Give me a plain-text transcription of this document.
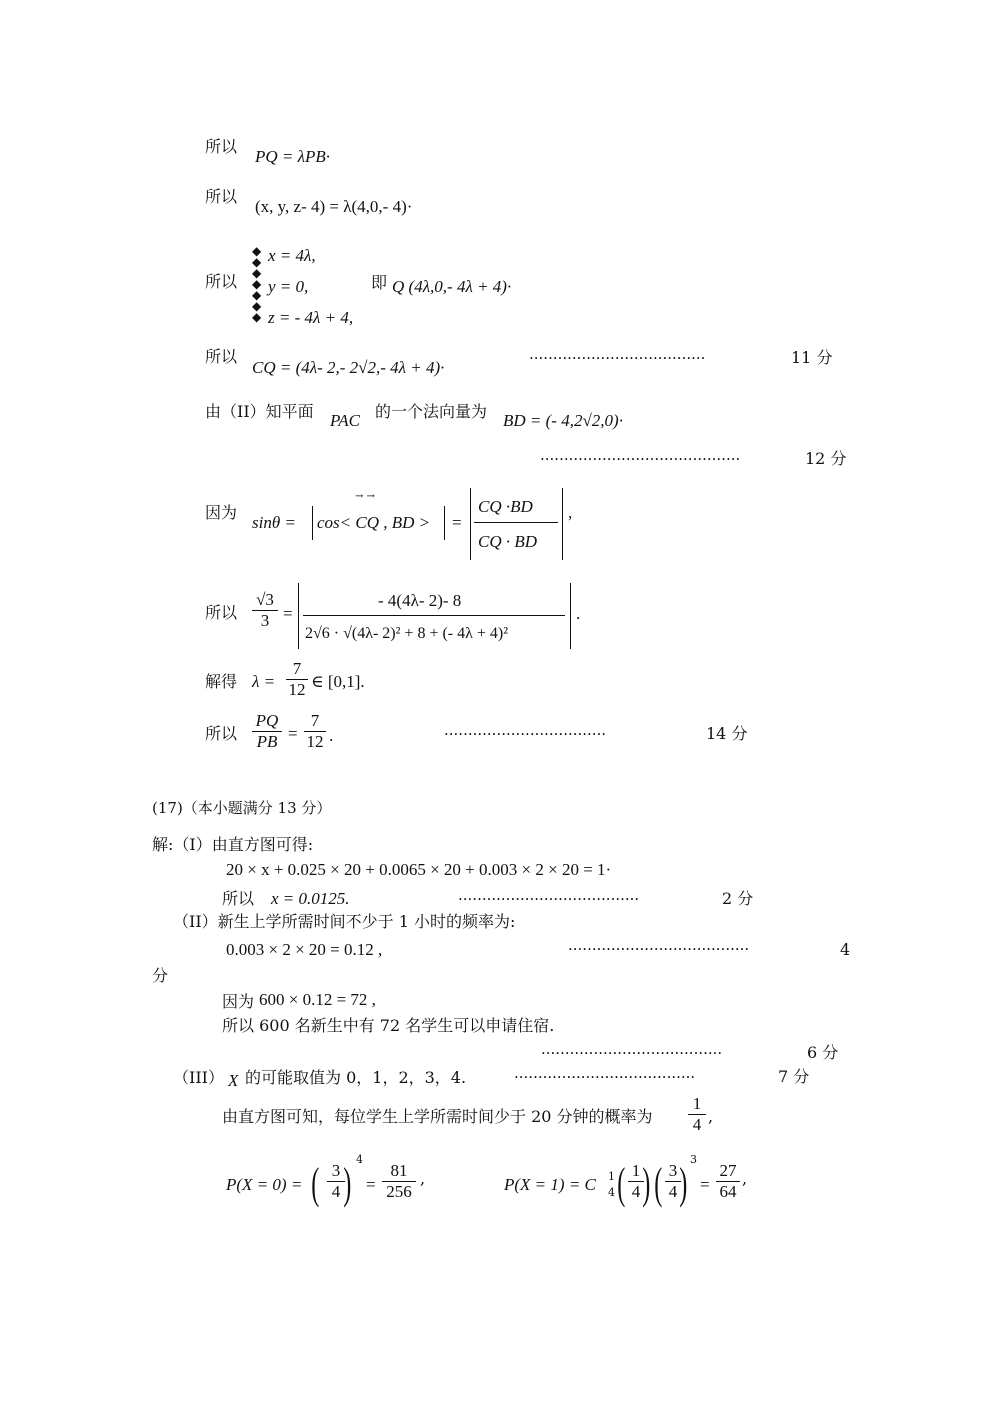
所以
PQ = λPB·
所以
(x, y, z- 4) = λ(4,0,- 4)·
所以
◆
◆
◆
◆
◆
◆
◆
x = 4λ,
y = 0,
z = - 4λ + 4,
即 Q (4λ,0,- 4λ + 4)·
所以
CQ = (4λ- 2,- 2√2,- 4λ + 4)·	·····································	11 分
由（II）知平面 PAC 的一个法向量为 BD = (- 4,2√2,0)·
··········································	12 分
因为
sinθ =
→ →
cos< CQ , BD > =
CQ ·BD
CQ · BD
,
所以
√3
3 =
- 4(4λ- 2)- 8
2√6 · √(4λ- 2)² + 8 + (- 4λ + 4)²
.
解得 λ =
7
12 ∈ [0,1].
所以
PQ
PB =
7
12 .	··································	14 分
(17)（本小题满分 13 分）
解:（I）由直方图可得:
20 × x + 0.025 × 20 + 0.0065 × 20 + 0.003 × 2 × 20 = 1·
所以 x = 0.0125.	······································	2 分
（II）新生上学所需时间不少于 1 小时的频率为:
0.003 × 2 × 20 = 0.12 ,	······································	4
分
因为 600 × 0.12 = 72 ,
所以 600 名新生中有 72 名学生可以申请住宿.
······································	6 分
（III） X 的可能取值为 0，1，2，3，4.	······································	7 分
由直方图可知，每位学生上学所需时间少于 20 分钟的概率为
1
4 ,
P(X = 0) = ( 3
4 ) 4
=
81
256
,	P(X = 1) = C 1
4 ( 1
4 ) ( 3
4 ) 3
=
27
64
,
